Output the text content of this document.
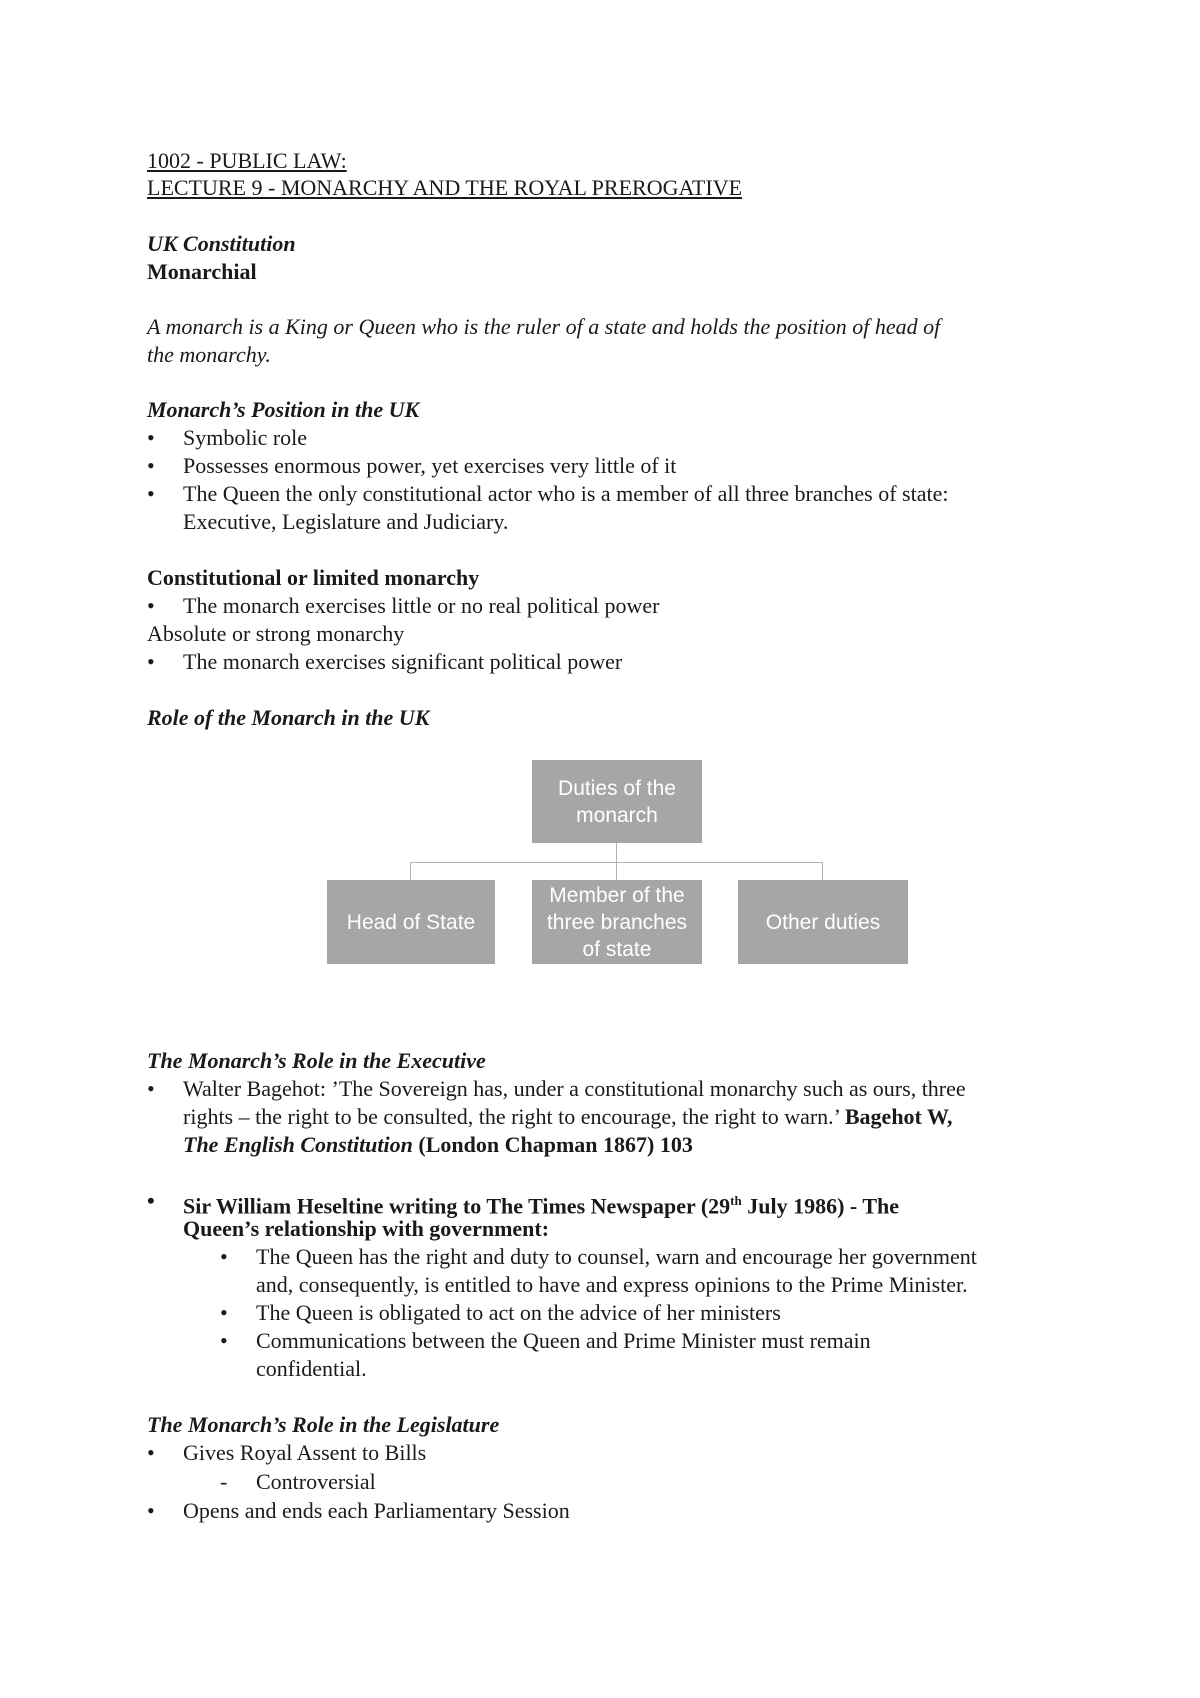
1002 - PUBLIC LAW:
LECTURE 9 - MONARCHY AND THE ROYAL PREROGATIVE
UK Constitution
Monarchial
A monarch is a King or Queen who is the ruler of a state and holds the position of head of
the monarchy.
Monarch’s Position in the UK
•	Symbolic role
•	Possesses enormous power, yet exercises very little of it
•	The Queen the only constitutional actor who is a member of all three branches of state:
Executive, Legislature and Judiciary.
Constitutional or limited monarchy
•	The monarch exercises little or no real political power
Absolute or strong monarchy
•	The monarch exercises significant political power
Role of the Monarch in the UK
Duties of the
monarch
Head of State
Member of the
three branches
of state
Other duties
The Monarch’s Role in the Executive
•	Walter Bagehot: ’The Sovereign has, under a constitutional monarchy such as ours, three
rights – the right to be consulted, the right to encourage, the right to warn.’ Bagehot W,
The English Constitution (London Chapman 1867) 103
•	Sir William Heseltine writing to The Times Newspaper (29th July 1986) - The
Queen’s relationship with government:
•	The Queen has the right and duty to counsel, warn and encourage her government
and, consequently, is entitled to have and express opinions to the Prime Minister.
•	The Queen is obligated to act on the advice of her ministers
•	Communications between the Queen and Prime Minister must remain
confidential.
The Monarch’s Role in the Legislature
•	Gives Royal Assent to Bills
-	Controversial
•	Opens and ends each Parliamentary Session
